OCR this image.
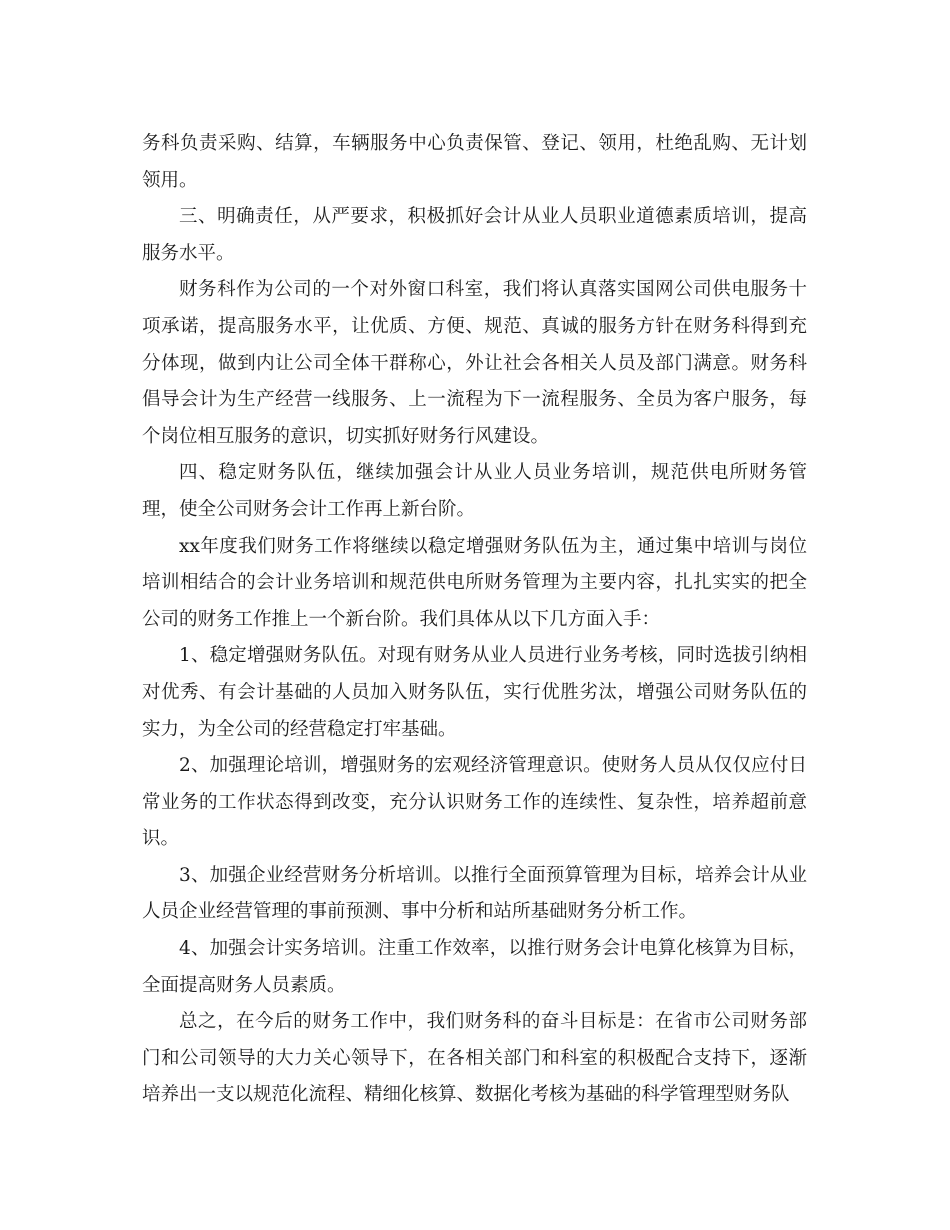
务科负责采购、结算，车辆服务中心负责保管、登记、领用，杜绝乱购、无计划领用。

三、明确责任，从严要求，积极抓好会计从业人员职业道德素质培训，提高服务水平。

财务科作为公司的一个对外窗口科室，我们将认真落实国网公司供电服务十项承诺，提高服务水平，让优质、方便、规范、真诚的服务方针在财务科得到充分体现，做到内让公司全体干群称心，外让社会各相关人员及部门满意。财务科倡导会计为生产经营一线服务、上一流程为下一流程服务、全员为客户服务，每个岗位相互服务的意识，切实抓好财务行风建设。

四、稳定财务队伍，继续加强会计从业人员业务培训，规范供电所财务管理，使全公司财务会计工作再上新台阶。

xx年度我们财务工作将继续以稳定增强财务队伍为主，通过集中培训与岗位培训相结合的会计业务培训和规范供电所财务管理为主要内容，扎扎实实的把全公司的财务工作推上一个新台阶。我们具体从以下几方面入手：

1、稳定增强财务队伍。对现有财务从业人员进行业务考核，同时选拔引纳相对优秀、有会计基础的人员加入财务队伍，实行优胜劣汰，增强公司财务队伍的实力，为全公司的经营稳定打牢基础。

2、加强理论培训，增强财务的宏观经济管理意识。使财务人员从仅仅应付日常业务的工作状态得到改变，充分认识财务工作的连续性、复杂性，培养超前意识。

3、加强企业经营财务分析培训。以推行全面预算管理为目标，培养会计从业人员企业经营管理的事前预测、事中分析和站所基础财务分析工作。

4、加强会计实务培训。注重工作效率，以推行财务会计电算化核算为目标，全面提高财务人员素质。

总之，在今后的财务工作中，我们财务科的奋斗目标是：在省市公司财务部门和公司领导的大力关心领导下，在各相关部门和科室的积极配合支持下，逐渐培养出一支以规范化流程、精细化核算、数据化考核为基础的科学管理型财务队
